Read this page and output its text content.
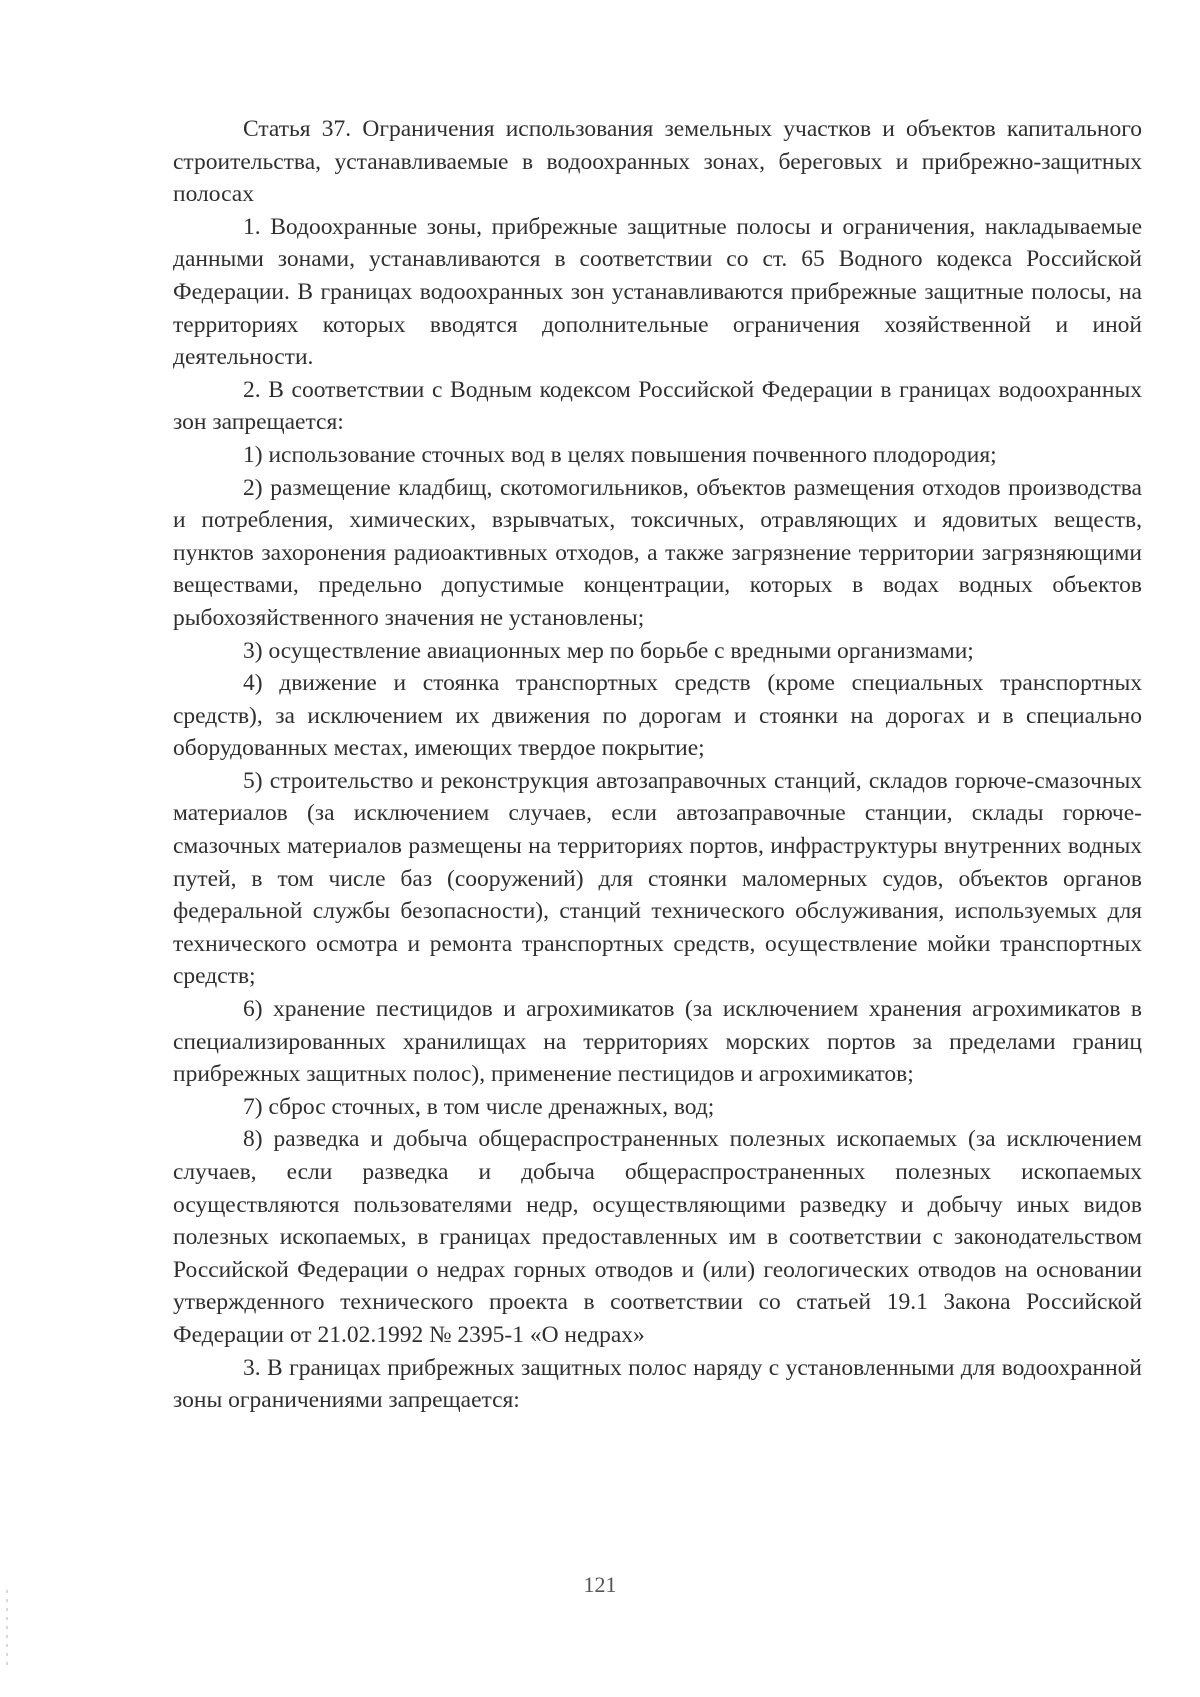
Статья 37. Ограничения использования земельных участков и объектов капитального строительства, устанавливаемые в водоохранных зонах, береговых и прибрежно-защитных полосах

1. Водоохранные зоны, прибрежные защитные полосы и ограничения, накладываемые данными зонами, устанавливаются в соответствии со ст. 65 Водного кодекса Российской Федерации. В границах водоохранных зон устанавливаются прибрежные защитные полосы, на территориях которых вводятся дополнительные ограничения хозяйственной и иной деятельности.

2. В соответствии с Водным кодексом Российской Федерации в границах водоохранных зон запрещается:

1) использование сточных вод в целях повышения почвенного плодородия;

2) размещение кладбищ, скотомогильников, объектов размещения отходов производства и потребления, химических, взрывчатых, токсичных, отравляющих и ядовитых веществ, пунктов захоронения радиоактивных отходов, а также загрязнение территории загрязняющими веществами, предельно допустимые концентрации, которых в водах водных объектов рыбохозяйственного значения не установлены;

3) осуществление авиационных мер по борьбе с вредными организмами;

4) движение и стоянка транспортных средств (кроме специальных транспортных средств), за исключением их движения по дорогам и стоянки на дорогах и в специально оборудованных местах, имеющих твердое покрытие;

5) строительство и реконструкция автозаправочных станций, складов горюче-смазочных материалов (за исключением случаев, если автозаправочные станции, склады горюче-смазочных материалов размещены на территориях портов, инфраструктуры внутренних водных путей, в том числе баз (сооружений) для стоянки маломерных судов, объектов органов федеральной службы безопасности), станций технического обслуживания, используемых для технического осмотра и ремонта транспортных средств, осуществление мойки транспортных средств;

6) хранение пестицидов и агрохимикатов (за исключением хранения агрохимикатов в специализированных хранилищах на территориях морских портов за пределами границ прибрежных защитных полос), применение пестицидов и агрохимикатов;

7) сброс сточных, в том числе дренажных, вод;

8) разведка и добыча общераспространенных полезных ископаемых (за исключением случаев, если разведка и добыча общераспространенных полезных ископаемых осуществляются пользователями недр, осуществляющими разведку и добычу иных видов полезных ископаемых, в границах предоставленных им в соответствии с законодательством Российской Федерации о недрах горных отводов и (или) геологических отводов на основании утвержденного технического проекта в соответствии со статьей 19.1 Закона Российской Федерации от 21.02.1992 № 2395-1 «О недрах»

3. В границах прибрежных защитных полос наряду с установленными для водоохранной зоны ограничениями запрещается:

121
